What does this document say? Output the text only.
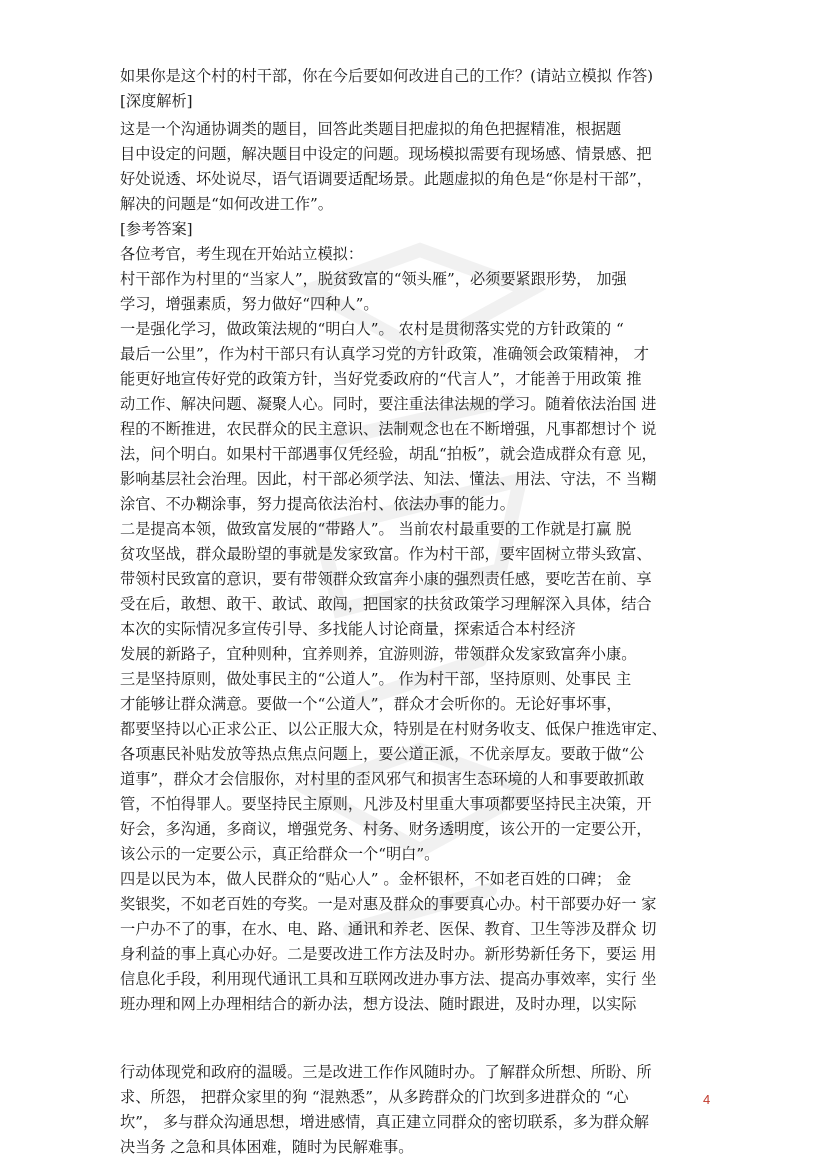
如果你是这个村的村干部，你在今后要如何改进自己的工作？(请站立模拟 作答)
[深度解析]
这是一个沟通协调类的题目，回答此类题目把虚拟的角色把握精准，根据题
目中设定的问题，解决题目中设定的问题。现场模拟需要有现场感、情景感、把
好处说透、坏处说尽，语气语调要适配场景。此题虚拟的角色是“你是村干部”，
解决的问题是“如何改进工作”。
[参考答案]
各位考官，考生现在开始站立模拟：
村干部作为村里的“当家人”，脱贫致富的“领头雁”，必须要紧跟形势， 加强
学习，增强素质，努力做好“四种人”。
一是强化学习，做政策法规的“明白人”。 农村是贯彻落实党的方针政策的 “
最后一公里”，作为村干部只有认真学习党的方针政策，准确领会政策精神， 才
能更好地宣传好党的政策方针，当好党委政府的“代言人”，才能善于用政策 推
动工作、解决问题、凝聚人心。同时，要注重法律法规的学习。随着依法治国 进
程的不断推进，农民群众的民主意识、法制观念也在不断增强，凡事都想讨个 说
法，问个明白。如果村干部遇事仅凭经验，胡乱“拍板”，就会造成群众有意 见，
影响基层社会治理。因此，村干部必须学法、知法、懂法、用法、守法，不 当糊
涂官、不办糊涂事，努力提高依法治村、依法办事的能力。
二是提高本领，做致富发展的“带路人”。 当前农村最重要的工作就是打赢 脱
贫攻坚战，群众最盼望的事就是发家致富。作为村干部，要牢固树立带头致富、
带领村民致富的意识，要有带领群众致富奔小康的强烈责任感，要吃苦在前、享
受在后，敢想、敢干、敢试、敢闯，把国家的扶贫政策学习理解深入具体，结合
本次的实际情况多宣传引导、多找能人讨论商量，探索适合本村经济
发展的新路子，宜种则种，宜养则养，宜游则游，带领群众发家致富奔小康。
三是坚持原则，做处事民主的“公道人”。 作为村干部，坚持原则、处事民 主
才能够让群众满意。要做一个“公道人”，群众才会听你的。无论好事坏事，
都要坚持以心正求公正、以公正服大众，特别是在村财务收支、低保户推选审定、
各项惠民补贴发放等热点焦点问题上，要公道正派，不优亲厚友。要敢于做“公
道事”，群众才会信服你，对村里的歪风邪气和损害生态环境的人和事要敢抓敢
管，不怕得罪人。要坚持民主原则，凡涉及村里重大事项都要坚持民主决策，开
好会，多沟通，多商议，增强党务、村务、财务透明度，该公开的一定要公开，
该公示的一定要公示，真正给群众一个“明白”。
四是以民为本，做人民群众的“贴心人” 。金杯银杯，不如老百姓的口碑； 金
奖银奖，不如老百姓的夸奖。一是对惠及群众的事要真心办。村干部要办好一 家
一户办不了的事，在水、电、路、通讯和养老、医保、教育、卫生等涉及群众 切
身利益的事上真心办好。二是要改进工作方法及时办。新形势新任务下，要运 用
信息化手段，利用现代通讯工具和互联网改进办事方法、提高办事效率，实行 坐
班办理和网上办理相结合的新办法，想方设法、随时跟进，及时办理，以实际
行动体现党和政府的温暖。三是改进工作作风随时办。了解群众所想、所盼、所
求、所怨， 把群众家里的狗 “混熟悉”，从多跨群众的门坎到多进群众的 “心
坎”， 多与群众沟通思想，增进感情，真正建立同群众的密切联系，多为群众解
决当务 之急和具体困难，随时为民解难事。
4
